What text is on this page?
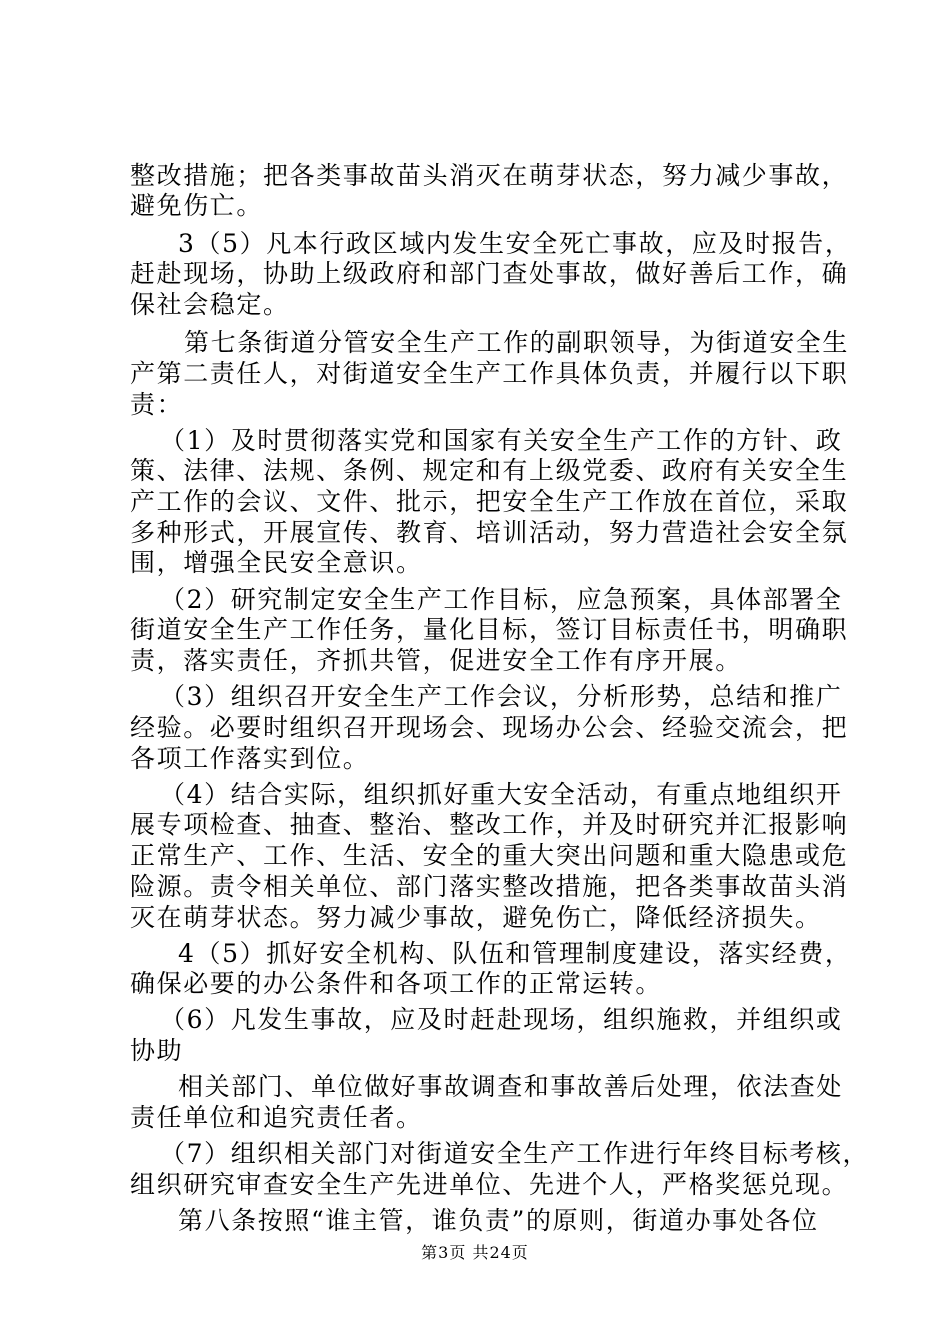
整改措施；把各类事故苗头消灭在萌芽状态，努力减少事故，
避免伤亡。
3（5）凡本行政区域内发生安全死亡事故，应及时报告，
赶赴现场，协助上级政府和部门查处事故，做好善后工作，确
保社会稳定。
第七条街道分管安全生产工作的副职领导，为街道安全生
产第二责任人，对街道安全生产工作具体负责，并履行以下职
责：
（1）及时贯彻落实党和国家有关安全生产工作的方针、政
策、法律、法规、条例、规定和有上级党委、政府有关安全生
产工作的会议、文件、批示，把安全生产工作放在首位，采取
多种形式，开展宣传、教育、培训活动，努力营造社会安全氛
围，增强全民安全意识。
（2）研究制定安全生产工作目标，应急预案，具体部署全
街道安全生产工作任务，量化目标，签订目标责任书，明确职
责，落实责任，齐抓共管，促进安全工作有序开展。
（3）组织召开安全生产工作会议，分析形势，总结和推广
经验。必要时组织召开现场会、现场办公会、经验交流会，把
各项工作落实到位。
（4）结合实际，组织抓好重大安全活动，有重点地组织开
展专项检查、抽查、整治、整改工作，并及时研究并汇报影响
正常生产、工作、生活、安全的重大突出问题和重大隐患或危
险源。责令相关单位、部门落实整改措施，把各类事故苗头消
灭在萌芽状态。努力减少事故，避免伤亡，降低经济损失。
4（5）抓好安全机构、队伍和管理制度建设，落实经费，
确保必要的办公条件和各项工作的正常运转。
（6）凡发生事故，应及时赶赴现场，组织施救，并组织或
协助
相关部门、单位做好事故调查和事故善后处理，依法查处
责任单位和追究责任者。
（7）组织相关部门对街道安全生产工作进行年终目标考核，
组织研究审查安全生产先进单位、先进个人，严格奖惩兑现。
第八条按照“谁主管，谁负责”的原则，街道办事处各位
第3页 共24页
